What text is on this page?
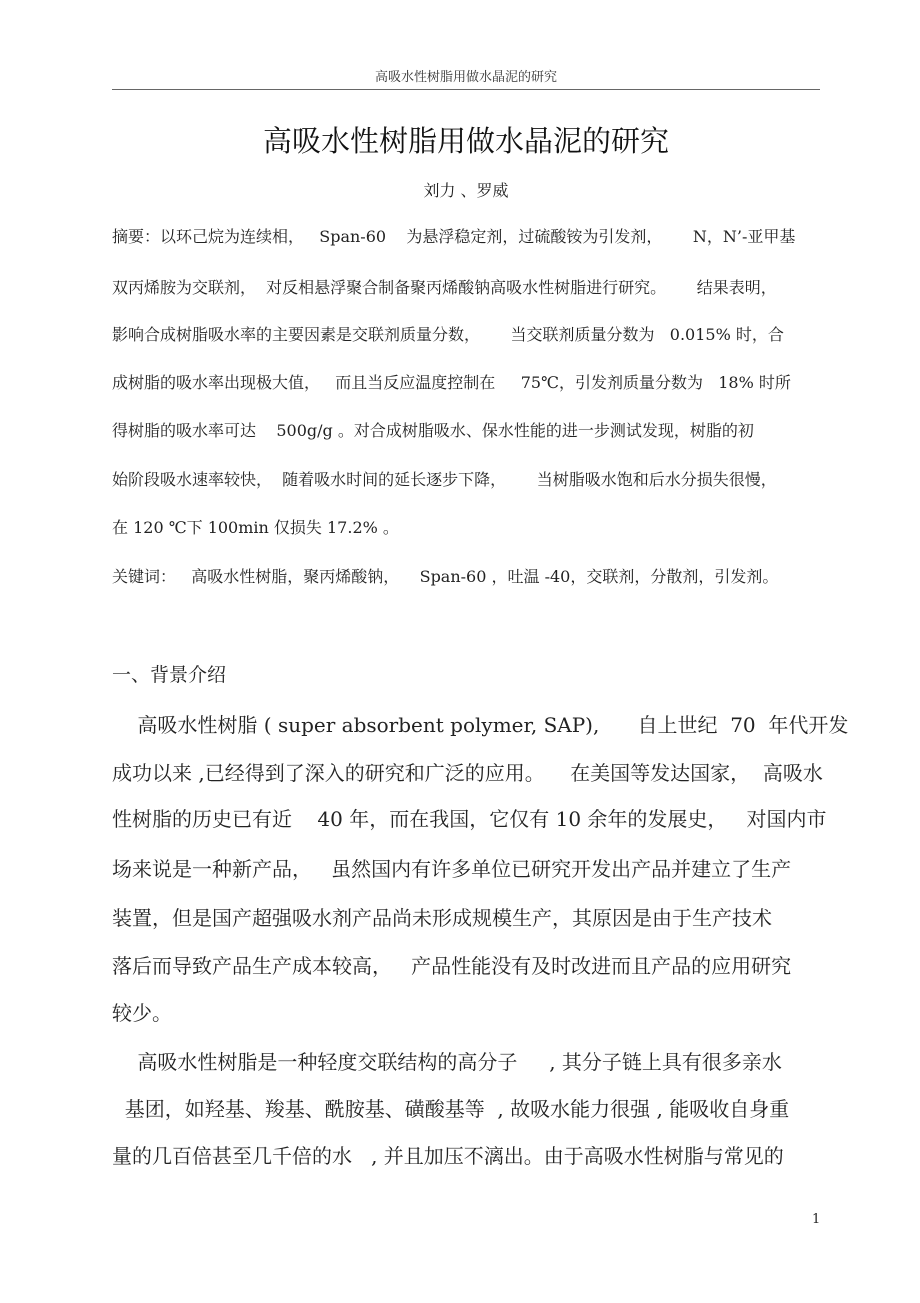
高吸水性树脂用做水晶泥的研究
高吸水性树脂用做水晶泥的研究
刘力 、罗威
摘要：以环己烷为连续相，   Span-60    为悬浮稳定剂，过硫酸铵为引发剂，      N，N’-亚甲基
双丙烯胺为交联剂，  对反相悬浮聚合制备聚丙烯酸钠高吸水性树脂进行研究。      结果表明，
影响合成树脂吸水率的主要因素是交联剂质量分数，      当交联剂质量分数为   0.015% 时，合
成树脂的吸水率出现极大值，   而且当反应温度控制在     75℃，引发剂质量分数为   18% 时所
得树脂的吸水率可达    500g/g 。对合成树脂吸水、保水性能的进一步测试发现，树脂的初
始阶段吸水速率较快，  随着吸水时间的延长逐步下降，      当树脂吸水饱和后水分损失很慢，
在 120 ℃下 100min 仅损失 17.2% 。
关键词：   高吸水性树脂，聚丙烯酸钠，    Span-60 ，吐温 -40，交联剂，分散剂，引发剂。
一、背景介绍
高吸水性树脂 ( super absorbent polymer, SAP),      自上世纪  70  年代开发
成功以来 ,已经得到了深入的研究和广泛的应用。    在美国等发达国家，  高吸水
性树脂的历史已有近    40 年，而在我国，它仅有 10 余年的发展史，   对国内市
场来说是一种新产品，   虽然国内有许多单位已研究开发出产品并建立了生产
装置，但是国产超强吸水剂产品尚未形成规模生产，其原因是由于生产技术
落后而导致产品生产成本较高，   产品性能没有及时改进而且产品的应用研究
较少。
高吸水性树脂是一种轻度交联结构的高分子     , 其分子链上具有很多亲水
基团，如羟基、羧基、酰胺基、磺酸基等  , 故吸水能力很强 , 能吸收自身重
量的几百倍甚至几千倍的水   , 并且加压不漓出。由于高吸水性树脂与常见的
1
